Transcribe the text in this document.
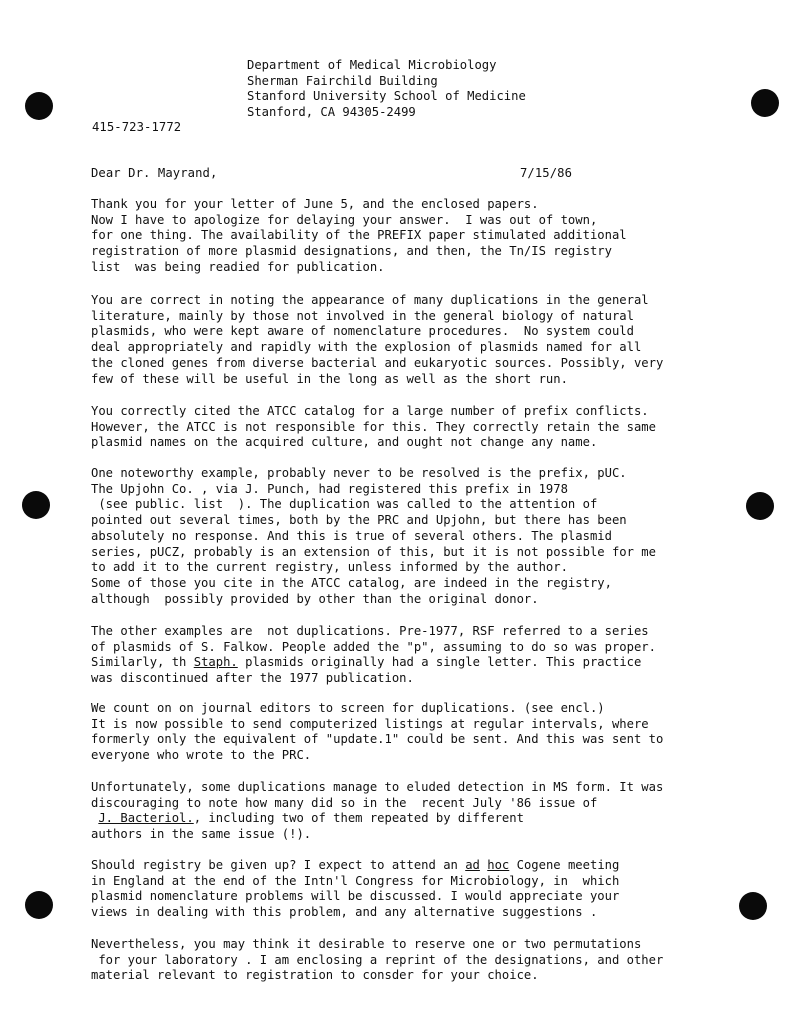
Department of Medical Microbiology
Sherman Fairchild Building
Stanford University School of Medicine
Stanford, CA 94305-2499
415-723-1772
Dear Dr. Mayrand,	7/15/86
Thank you for your letter of June 5, and the enclosed papers.
Now I have to apologize for delaying your answer.  I was out of town,
for one thing. The availability of the PREFIX paper stimulated additional
registration of more plasmid designations, and then, the Tn/IS registry
list  was being readied for publication.
You are correct in noting the appearance of many duplications in the general
literature, mainly by those not involved in the general biology of natural
plasmids, who were kept aware of nomenclature procedures.  No system could
deal appropriately and rapidly with the explosion of plasmids named for all
the cloned genes from diverse bacterial and eukaryotic sources. Possibly, very
few of these will be useful in the long as well as the short run.
You correctly cited the ATCC catalog for a large number of prefix conflicts.
However, the ATCC is not responsible for this. They correctly retain the same
plasmid names on the acquired culture, and ought not change any name.
One noteworthy example, probably never to be resolved is the prefix, pUC.
The Upjohn Co. , via J. Punch, had registered this prefix in 1978
(see public. list  ). The duplication was called to the attention of
pointed out several times, both by the PRC and Upjohn, but there has been
absolutely no response. And this is true of several others. The plasmid
series, pUCZ, probably is an extension of this, but it is not possible for me
to add it to the current registry, unless informed by the author.
Some of those you cite in the ATCC catalog, are indeed in the registry,
although  possibly provided by other than the original donor.
The other examples are  not duplications. Pre-1977, RSF referred to a series
of plasmids of S. Falkow. People added the "p", assuming to do so was proper.
Similarly, th Staph. plasmids originally had a single letter. This practice
was discontinued after the 1977 publication.
We count on on journal editors to screen for duplications. (see encl.)
It is now possible to send computerized listings at regular intervals, where
formerly only the equivalent of "update.1" could be sent. And this was sent to
everyone who wrote to the PRC.
Unfortunately, some duplications manage to eluded detection in MS form. It was
discouraging to note how many did so in the  recent July '86 issue of
J. Bacteriol., including two of them repeated by different
authors in the same issue (!).
Should registry be given up? I expect to attend an ad hoc Cogene meeting
in England at the end of the Intn'l Congress for Microbiology, in  which
plasmid nomenclature problems will be discussed. I would appreciate your
views in dealing with this problem, and any alternative suggestions .
Nevertheless, you may think it desirable to reserve one or two permutations
for your laboratory . I am enclosing a reprint of the designations, and other
material relevant to registration to consder for your choice.
